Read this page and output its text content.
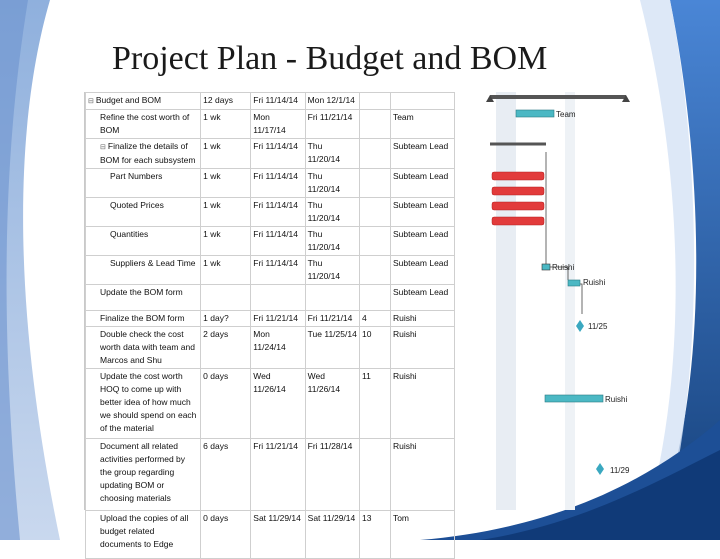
Project Plan - Budget and BOM
⊟ Budget and BOM	12 days	Fri 11/14/14	Mon 12/1/14		
Refine the cost worth of BOM	1 wk	Mon 11/17/14	Fri 11/21/14		Team
⊟ Finalize the details of BOM for each subsystem	1 wk	Fri 11/14/14	Thu 11/20/14		Subteam Lead
Part Numbers	1 wk	Fri 11/14/14	Thu 11/20/14		Subteam Lead
Quoted Prices	1 wk	Fri 11/14/14	Thu 11/20/14		Subteam Lead
Quantities	1 wk	Fri 11/14/14	Thu 11/20/14		Subteam Lead
Suppliers & Lead Time	1 wk	Fri 11/14/14	Thu 11/20/14		Subteam Lead
Update the BOM form					Subteam Lead
Finalize the BOM form	1 day?	Fri 11/21/14	Fri 11/21/14	4	Ruishi
Double check the cost worth data with team and Marcos and Shu	2 days	Mon 11/24/14	Tue 11/25/14	10	Ruishi
Update the cost worth HOQ to come up with better idea of how much we should spend on each of the material	0 days	Wed 11/26/14	Wed 11/26/14	11	Ruishi
Document all related activities performed by the group regarding updating BOM or choosing materials	6 days	Fri 11/21/14	Fri 11/28/14		Ruishi
Upload the copies of all budget related documents to Edge	0 days	Sat 11/29/14	Sat 11/29/14	13	Tom
Team
Ruishi
Ruishi
11/25
Ruishi
11/29
